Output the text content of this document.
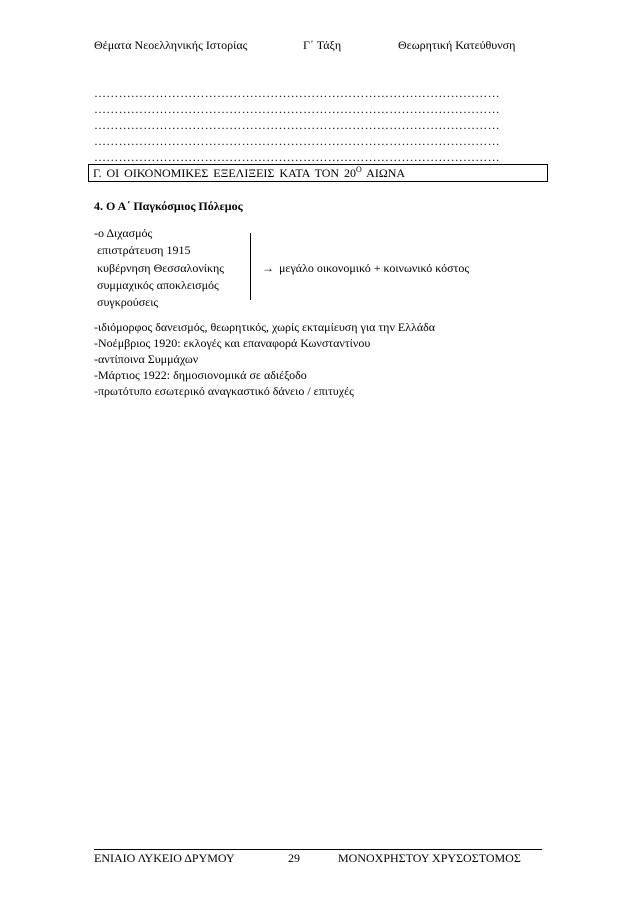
Θέματα Νεοελληνικής Ιστορίας	Γ΄ Τάξη	Θεωρητική Κατεύθυνση
………………………………………………………………………………………
………………………………………………………………………………………
………………………………………………………………………………………
………………………………………………………………………………………
………………………………………………………………………………………
Γ. ΟΙ ΟΙΚΟΝΟΜΙΚΕΣ ΕΞΕΛΙΞΕΙΣ ΚΑΤΑ ΤΟΝ $20^O$ ΑΙΩΝΑ
4. Ο Α΄ Παγκόσμιος Πόλεμος
-ο Διχασμός
επιστράτευση 1915
κυβέρνηση Θεσσαλονίκης
συμμαχικός αποκλεισμός
συγκρούσεις
→ μεγάλο οικονομικό + κοινωνικό κόστος
-ιδιόμορφος δανεισμός, θεωρητικός, χωρίς εκταμίευση για την Ελλάδα
-Νοέμβριος 1920: εκλογές και επαναφορά Κωνσταντίνου
-αντίποινα Συμμάχων
-Μάρτιος 1922: δημοσιονομικά σε αδιέξοδο
-πρωτότυπο εσωτερικό αναγκαστικό δάνειο / επιτυχές
ΕΝΙΑΙΟ ΛΥΚΕΙΟ ΔΡΥΜΟΥ	29	ΜΟΝΟΧΡΗΣΤΟΥ ΧΡΥΣΟΣΤΟΜΟΣ
